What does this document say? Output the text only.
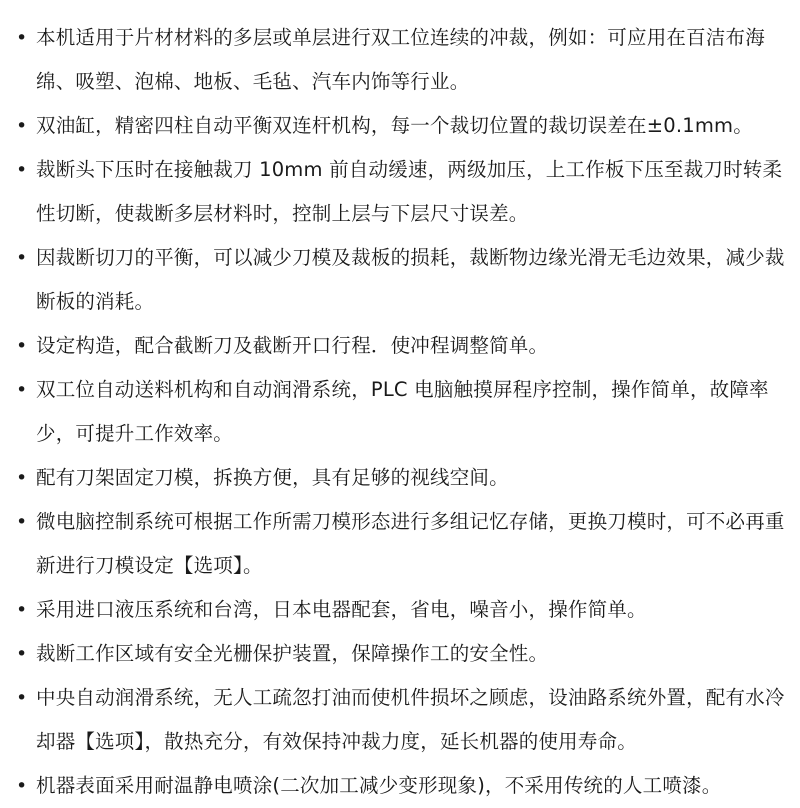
• 本机适用于片材材料的多层或单层进行双工位连续的冲裁，例如：可应用在百洁布海绵、吸塑、泡棉、地板、毛毡、汽车内饰等行业。
• 双油缸，精密四柱自动平衡双连杆机构，每一个裁切位置的裁切误差在±0.1mm。
• 裁断头下压时在接触裁刀 10mm 前自动缓速，两级加压，上工作板下压至裁刀时转柔性切断，使裁断多层材料时，控制上层与下层尺寸误差。
• 因裁断切刀的平衡，可以减少刀模及裁板的损耗，裁断物边缘光滑无毛边效果，减少裁断板的消耗。
• 设定构造，配合截断刀及截断开口行程．使冲程调整简单。
• 双工位自动送料机构和自动润滑系统，PLC 电脑触摸屏程序控制，操作简单，故障率少，可提升工作效率。
• 配有刀架固定刀模，拆换方便，具有足够的视线空间。
• 微电脑控制系统可根据工作所需刀模形态进行多组记忆存储，更换刀模时，可不必再重新进行刀模设定【选项】。
• 采用进口液压系统和台湾，日本电器配套，省电，噪音小，操作简单。
• 裁断工作区域有安全光栅保护装置，保障操作工的安全性。
• 中央自动润滑系统，无人工疏忽打油而使机件损坏之顾虑，设油路系统外置，配有水冷却器【选项】，散热充分，有效保持冲裁力度，延长机器的使用寿命。
• 机器表面采用耐温静电喷涂(二次加工减少变形现象)，不采用传统的人工喷漆。
